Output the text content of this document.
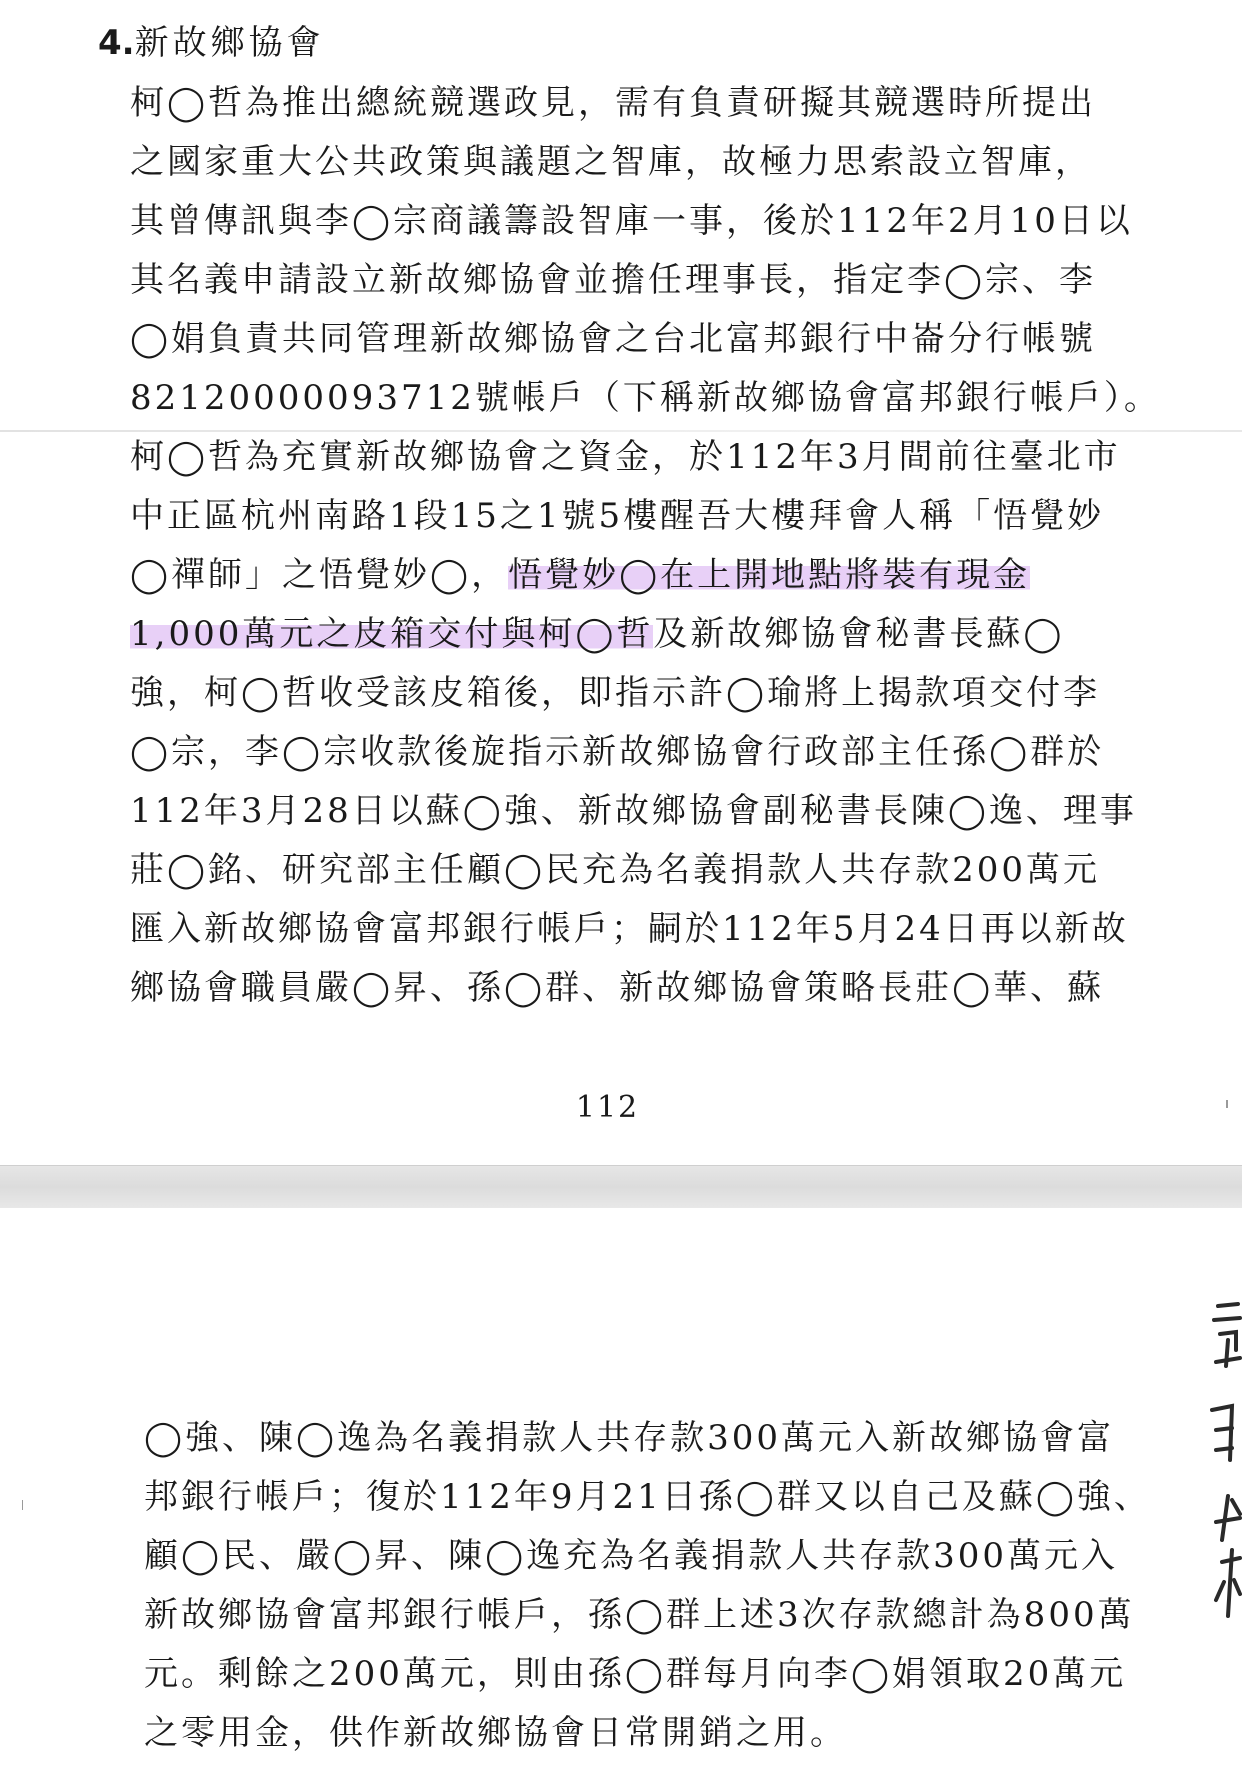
4.新故鄉協會
柯◯哲為推出總統競選政見，需有負責研擬其競選時所提出
之國家重大公共政策與議題之智庫，故極力思索設立智庫，
其曾傳訊與李◯宗商議籌設智庫一事，後於112年2月10日以
其名義申請設立新故鄉協會並擔任理事長，指定李◯宗、李
◯娟負責共同管理新故鄉協會之台北富邦銀行中崙分行帳號
82120000093712號帳戶（下稱新故鄉協會富邦銀行帳戶）。
柯◯哲為充實新故鄉協會之資金，於112年3月間前往臺北市
中正區杭州南路1段15之1號5樓醒吾大樓拜會人稱「悟覺妙
◯禪師」之悟覺妙◯，悟覺妙◯在上開地點將裝有現金
1,000萬元之皮箱交付與柯◯哲及新故鄉協會秘書長蘇◯
強，柯◯哲收受該皮箱後，即指示許◯瑜將上揭款項交付李
◯宗，李◯宗收款後旋指示新故鄉協會行政部主任孫◯群於
112年3月28日以蘇◯強、新故鄉協會副秘書長陳◯逸、理事
莊◯銘、研究部主任顧◯民充為名義捐款人共存款200萬元
匯入新故鄉協會富邦銀行帳戶；嗣於112年5月24日再以新故
鄉協會職員嚴◯昇、孫◯群、新故鄉協會策略長莊◯華、蘇
112
◯強、陳◯逸為名義捐款人共存款300萬元入新故鄉協會富
邦銀行帳戶；復於112年9月21日孫◯群又以自己及蘇◯強、
顧◯民、嚴◯昇、陳◯逸充為名義捐款人共存款300萬元入
新故鄉協會富邦銀行帳戶，孫◯群上述3次存款總計為800萬
元。剩餘之200萬元，則由孫◯群每月向李◯娟領取20萬元
之零用金，供作新故鄉協會日常開銷之用。
